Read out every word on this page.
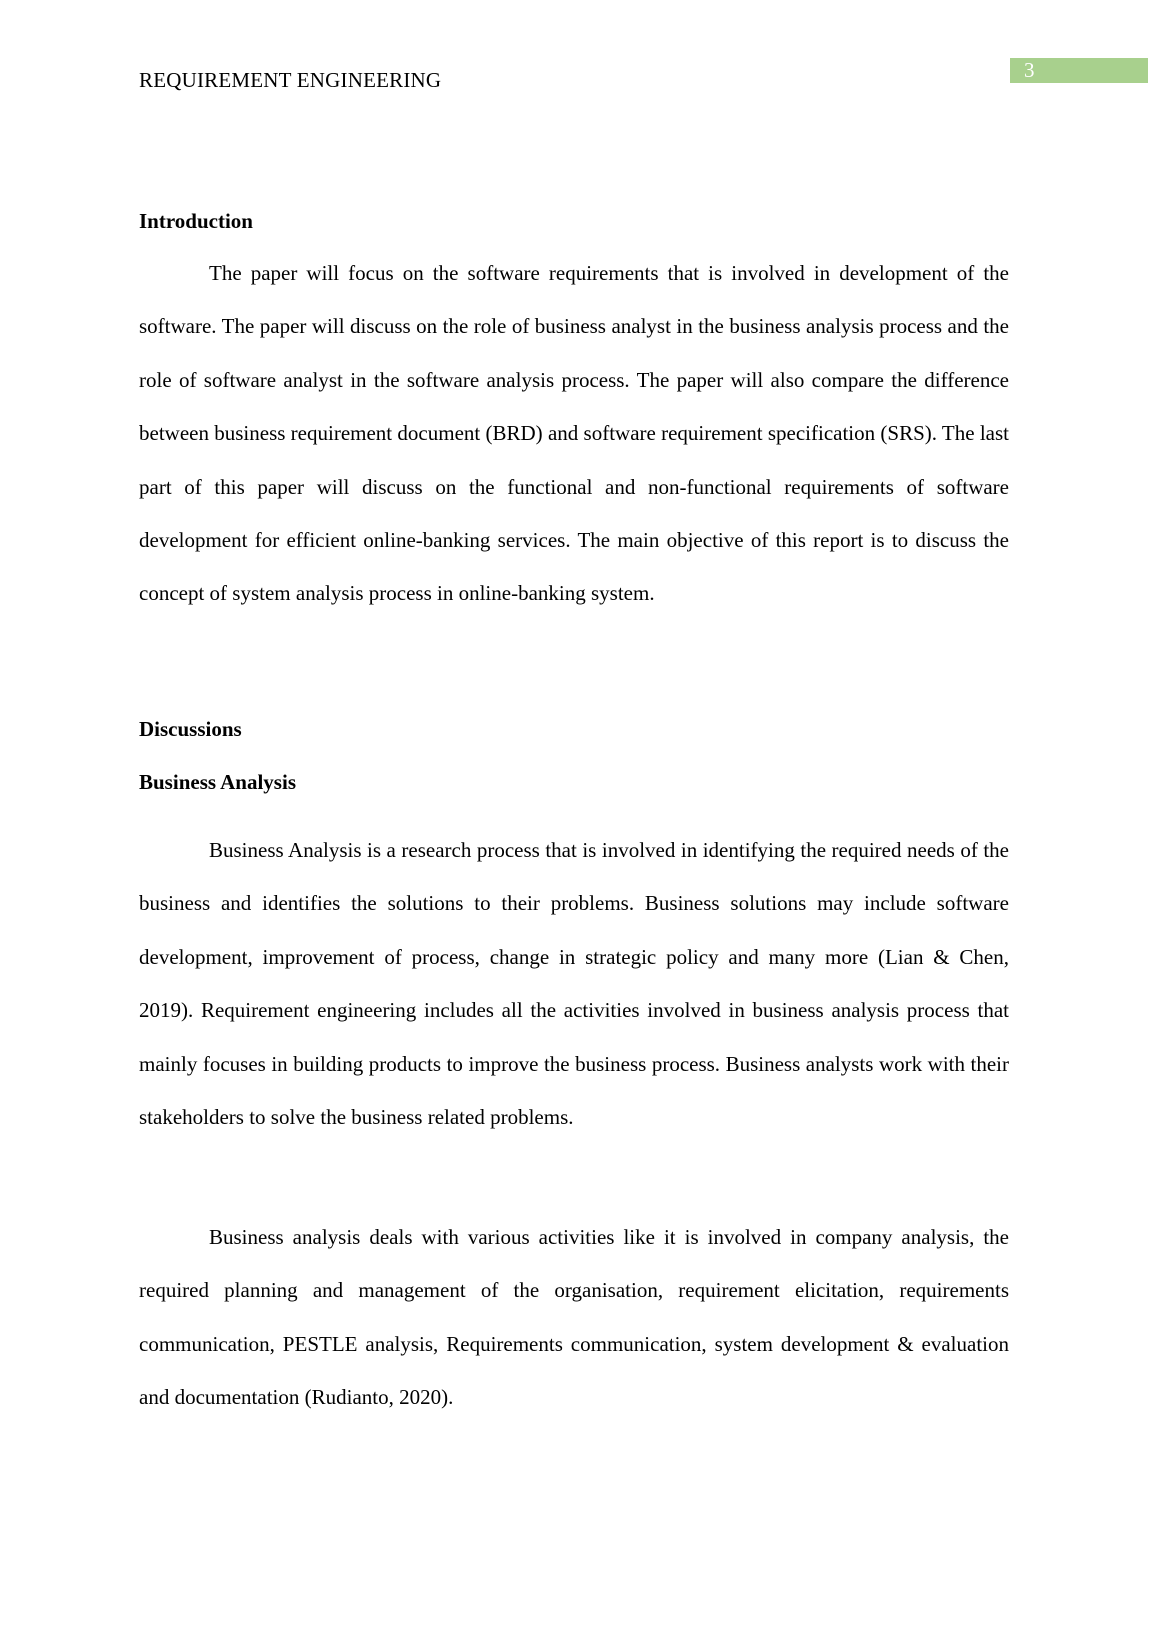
REQUIREMENT ENGINEERING	3
Introduction

The paper will focus on the software requirements that is involved in development of the software. The paper will discuss on the role of business analyst in the business analysis process and the role of software analyst in the software analysis process. The paper will also compare the difference between business requirement document (BRD) and software requirement specification (SRS). The last part of this paper will discuss on the functional and non-functional requirements of software development for efficient online-banking services. The main objective of this report is to discuss the concept of system analysis process in online-banking system.

Discussions
Business Analysis

Business Analysis is a research process that is involved in identifying the required needs of the business and identifies the solutions to their problems. Business solutions may include software development, improvement of process, change in strategic policy and many more (Lian & Chen, 2019). Requirement engineering includes all the activities involved in business analysis process that mainly focuses in building products to improve the business process. Business analysts work with their stakeholders to solve the business related problems.

Business analysis deals with various activities like it is involved in company analysis, the required planning and management of the organisation, requirement elicitation, requirements communication, PESTLE analysis, Requirements communication, system development & evaluation and documentation (Rudianto, 2020).
